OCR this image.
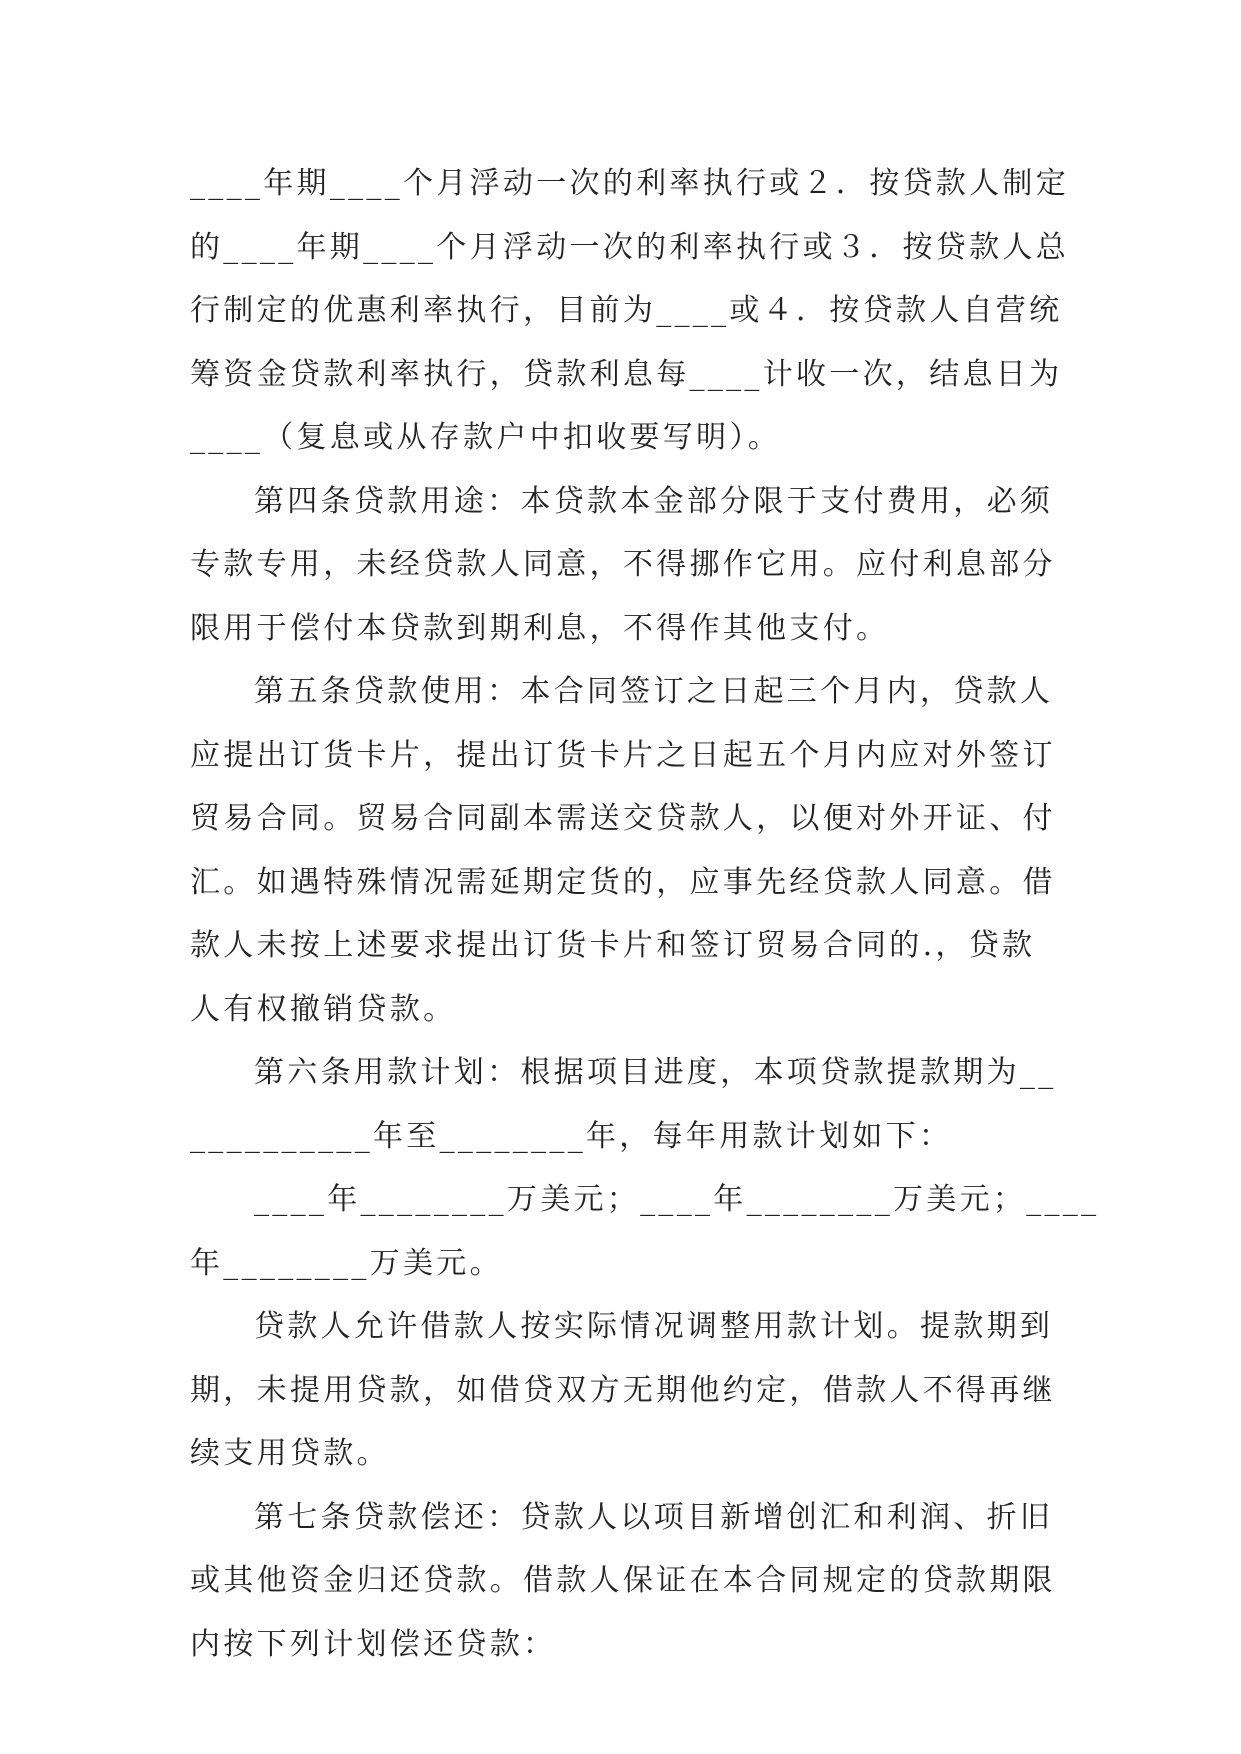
____年期____个月浮动一次的利率执行或２．按贷款人制定
的____年期____个月浮动一次的利率执行或３．按贷款人总
行制定的优惠利率执行，目前为____或４．按贷款人自营统
筹资金贷款利率执行，贷款利息每____计收一次，结息日为
____（复息或从存款户中扣收要写明）。
第四条贷款用途：本贷款本金部分限于支付费用，必须
专款专用，未经贷款人同意，不得挪作它用。应付利息部分
限用于偿付本贷款到期利息，不得作其他支付。
第五条贷款使用：本合同签订之日起三个月内，贷款人
应提出订货卡片，提出订货卡片之日起五个月内应对外签订
贸易合同。贸易合同副本需送交贷款人，以便对外开证、付
汇。如遇特殊情况需延期定货的，应事先经贷款人同意。借
款人未按上述要求提出订货卡片和签订贸易合同的.，贷款
人有权撤销贷款。
第六条用款计划：根据项目进度，本项贷款提款期为__
__________年至________年，每年用款计划如下：
____年________万美元；____年________万美元；____
年________万美元。
贷款人允许借款人按实际情况调整用款计划。提款期到
期，未提用贷款，如借贷双方无期他约定，借款人不得再继
续支用贷款。
第七条贷款偿还：贷款人以项目新增创汇和利润、折旧
或其他资金归还贷款。借款人保证在本合同规定的贷款期限
内按下列计划偿还贷款：
